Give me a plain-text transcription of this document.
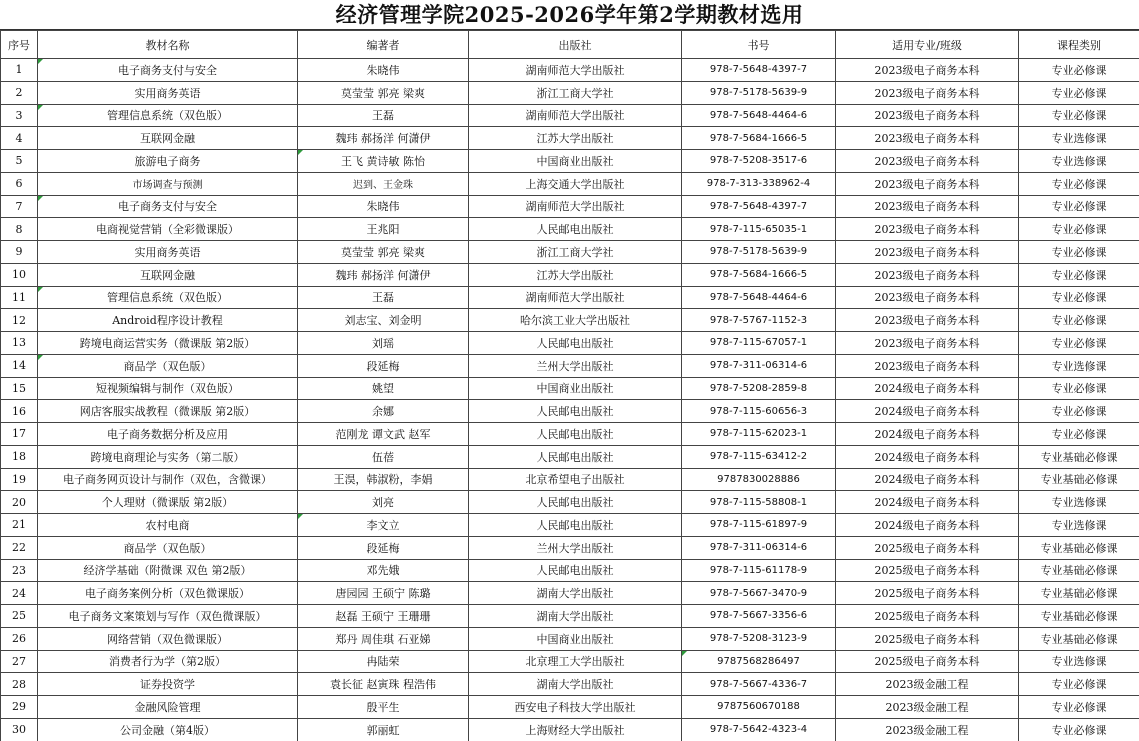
经济管理学院2025-2026学年第2学期教材选用
序号	教材名称	编著者	出版社	书号	适用专业/班级	课程类别
1	电子商务支付与安全	朱晓伟	湖南师范大学出版社	978-7-5648-4397-7	2023级电子商务本科	专业必修课
2	实用商务英语	莫莹莹 郭亮 梁爽	浙江工商大学社	978-7-5178-5639-9	2023级电子商务本科	专业必修课
3	管理信息系统（双色版）	王磊	湖南师范大学出版社	978-7-5648-4464-6	2023级电子商务本科	专业必修课
4	互联网金融	魏玮 郝扬洋 何潇伊	江苏大学出版社	978-7-5684-1666-5	2023级电子商务本科	专业选修课
5	旅游电子商务	王飞 黄诗敏 陈怡	中国商业出版社	978-7-5208-3517-6	2023级电子商务本科	专业选修课
6	市场调查与预测	迟到、王金珠	上海交通大学出版社	978-7-313-338962-4	2023级电子商务本科	专业必修课
7	电子商务支付与安全	朱晓伟	湖南师范大学出版社	978-7-5648-4397-7	2023级电子商务本科	专业必修课
8	电商视觉营销（全彩微课版）	王兆阳	人民邮电出版社	978-7-115-65035-1	2023级电子商务本科	专业必修课
9	实用商务英语	莫莹莹 郭亮 梁爽	浙江工商大学社	978-7-5178-5639-9	2023级电子商务本科	专业必修课
10	互联网金融	魏玮 郝扬洋 何潇伊	江苏大学出版社	978-7-5684-1666-5	2023级电子商务本科	专业必修课
11	管理信息系统（双色版）	王磊	湖南师范大学出版社	978-7-5648-4464-6	2023级电子商务本科	专业必修课
12	Android程序设计教程	刘志宝、刘金明	哈尔滨工业大学出版社	978-7-5767-1152-3	2023级电子商务本科	专业必修课
13	跨境电商运营实务（微课版 第2版）	刘瑶	人民邮电出版社	978-7-115-67057-1	2023级电子商务本科	专业必修课
14	商品学（双色版）	段延梅	兰州大学出版社	978-7-311-06314-6	2023级电子商务本科	专业选修课
15	短视频编辑与制作（双色版）	姚望	中国商业出版社	978-7-5208-2859-8	2024级电子商务本科	专业必修课
16	网店客服实战教程（微课版 第2版）	余娜	人民邮电出版社	978-7-115-60656-3	2024级电子商务本科	专业必修课
17	电子商务数据分析及应用	范刚龙 谭文武 赵军	人民邮电出版社	978-7-115-62023-1	2024级电子商务本科	专业必修课
18	跨境电商理论与实务（第二版）	伍蓓	人民邮电出版社	978-7-115-63412-2	2024级电子商务本科	专业基础必修课
19	电子商务网页设计与制作（双色，含微课）	王淏，韩淑粉，李娟	北京希望电子出版社	9787830028886	2024级电子商务本科	专业基础必修课
20	个人理财（微课版 第2版）	刘亮	人民邮电出版社	978-7-115-58808-1	2024级电子商务本科	专业选修课
21	农村电商	李文立	人民邮电出版社	978-7-115-61897-9	2024级电子商务本科	专业选修课
22	商品学（双色版）	段延梅	兰州大学出版社	978-7-311-06314-6	2025级电子商务本科	专业基础必修课
23	经济学基础（附微课 双色 第2版）	邓先娥	人民邮电出版社	978-7-115-61178-9	2025级电子商务本科	专业基础必修课
24	电子商务案例分析（双色微课版）	唐园园 王硕宁 陈璐	湖南大学出版社	978-7-5667-3470-9	2025级电子商务本科	专业基础必修课
25	电子商务文案策划与写作（双色微课版）	赵磊 王硕宁 王珊珊	湖南大学出版社	978-7-5667-3356-6	2025级电子商务本科	专业基础必修课
26	网络营销（双色微课版）	郑丹 周佳琪 石亚娣	中国商业出版社	978-7-5208-3123-9	2025级电子商务本科	专业基础必修课
27	消费者行为学（第2版）	冉陆荣	北京理工大学出版社	9787568286497	2025级电子商务本科	专业选修课
28	证券投资学	袁长征 赵寅珠 程浩伟	湖南大学出版社	978-7-5667-4336-7	2023级金融工程	专业必修课
29	金融风险管理	殷平生	西安电子科技大学出版社	9787560670188	2023级金融工程	专业必修课
30	公司金融（第4版）	郭丽虹	上海财经大学出版社	978-7-5642-4323-4	2023级金融工程	专业必修课
